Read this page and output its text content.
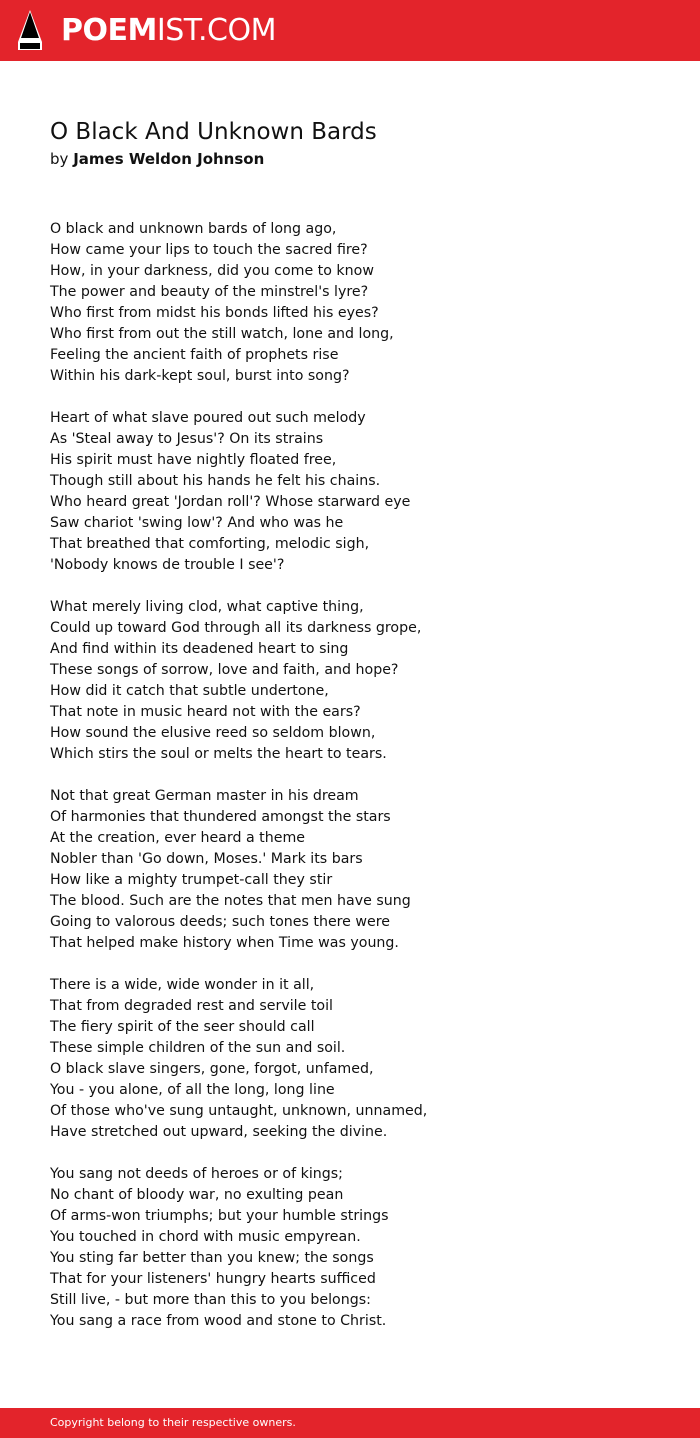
POEMIST.COM
O Black And Unknown Bards
by James Weldon Johnson

O black and unknown bards of long ago,
How came your lips to touch the sacred fire?
How, in your darkness, did you come to know
The power and beauty of the minstrel's lyre?
Who first from midst his bonds lifted his eyes?
Who first from out the still watch, lone and long,
Feeling the ancient faith of prophets rise
Within his dark-kept soul, burst into song?

Heart of what slave poured out such melody
As 'Steal away to Jesus'? On its strains
His spirit must have nightly floated free,
Though still about his hands he felt his chains.
Who heard great 'Jordan roll'? Whose starward eye
Saw chariot 'swing low'? And who was he
That breathed that comforting, melodic sigh,
'Nobody knows de trouble I see'?

What merely living clod, what captive thing,
Could up toward God through all its darkness grope,
And find within its deadened heart to sing
These songs of sorrow, love and faith, and hope?
How did it catch that subtle undertone,
That note in music heard not with the ears?
How sound the elusive reed so seldom blown,
Which stirs the soul or melts the heart to tears.

Not that great German master in his dream
Of harmonies that thundered amongst the stars
At the creation, ever heard a theme
Nobler than 'Go down, Moses.' Mark its bars
How like a mighty trumpet-call they stir
The blood. Such are the notes that men have sung
Going to valorous deeds; such tones there were
That helped make history when Time was young.

There is a wide, wide wonder in it all,
That from degraded rest and servile toil
The fiery spirit of the seer should call
These simple children of the sun and soil.
O black slave singers, gone, forgot, unfamed,
You - you alone, of all the long, long line
Of those who've sung untaught, unknown, unnamed,
Have stretched out upward, seeking the divine.

You sang not deeds of heroes or of kings;
No chant of bloody war, no exulting pean
Of arms-won triumphs; but your humble strings
You touched in chord with music empyrean.
You sting far better than you knew; the songs
That for your listeners' hungry hearts sufficed
Still live, - but more than this to you belongs:
You sang a race from wood and stone to Christ.

Copyright belong to their respective owners.
